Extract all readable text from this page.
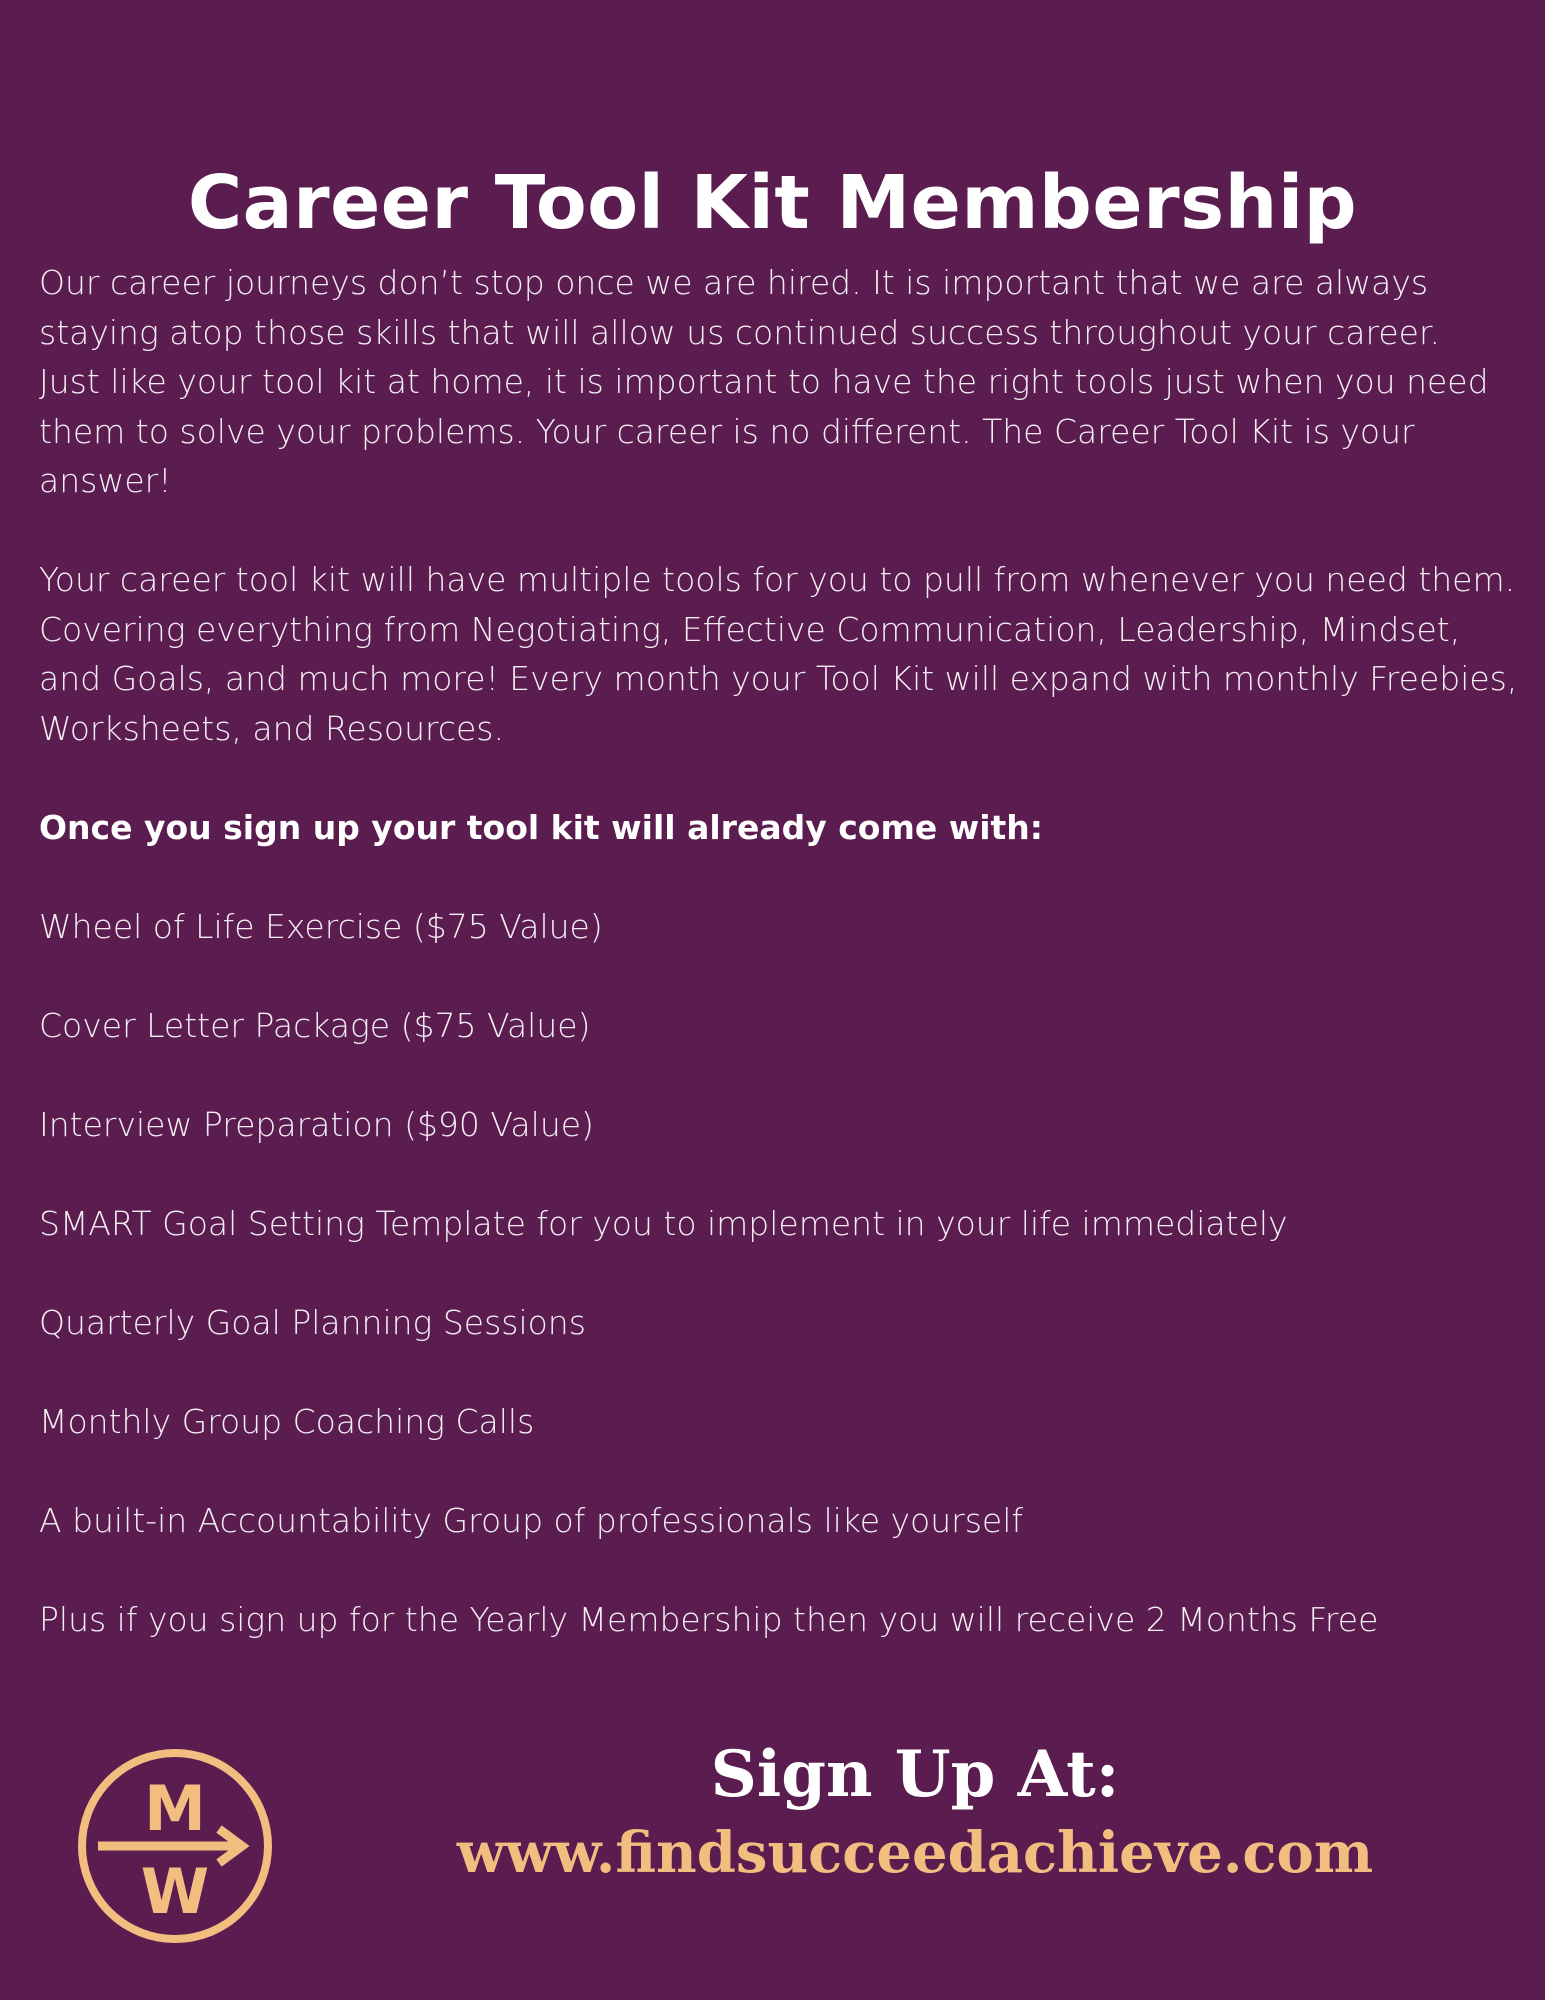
Career Tool Kit Membership

Our career journeys don’t stop once we are hired. It is important that we are always staying atop those skills that will allow us continued success throughout your career.

Just like your tool kit at home, it is important to have the right tools just when you need them to solve your problems. Your career is no different. The Career Tool Kit is your answer!

Your career tool kit will have multiple tools for you to pull from whenever you need them. Covering everything from Negotiating, Effective Communication, Leadership, Mindset, and Goals, and much more! Every month your Tool Kit will expand with monthly Freebies, Worksheets, and Resources.

Once you sign up your tool kit will already come with:

Wheel of Life Exercise ($75 Value)

Cover Letter Package ($75 Value)

Interview Preparation ($90 Value)

SMART Goal Setting Template for you to implement in your life immediately

Quarterly Goal Planning Sessions

Monthly Group Coaching Calls

A built-in Accountability Group of professionals like yourself

Plus if you sign up for the Yearly Membership then you will receive 2 Months Free

M
W
Sign Up At:
www.findsucceedachieve.com
